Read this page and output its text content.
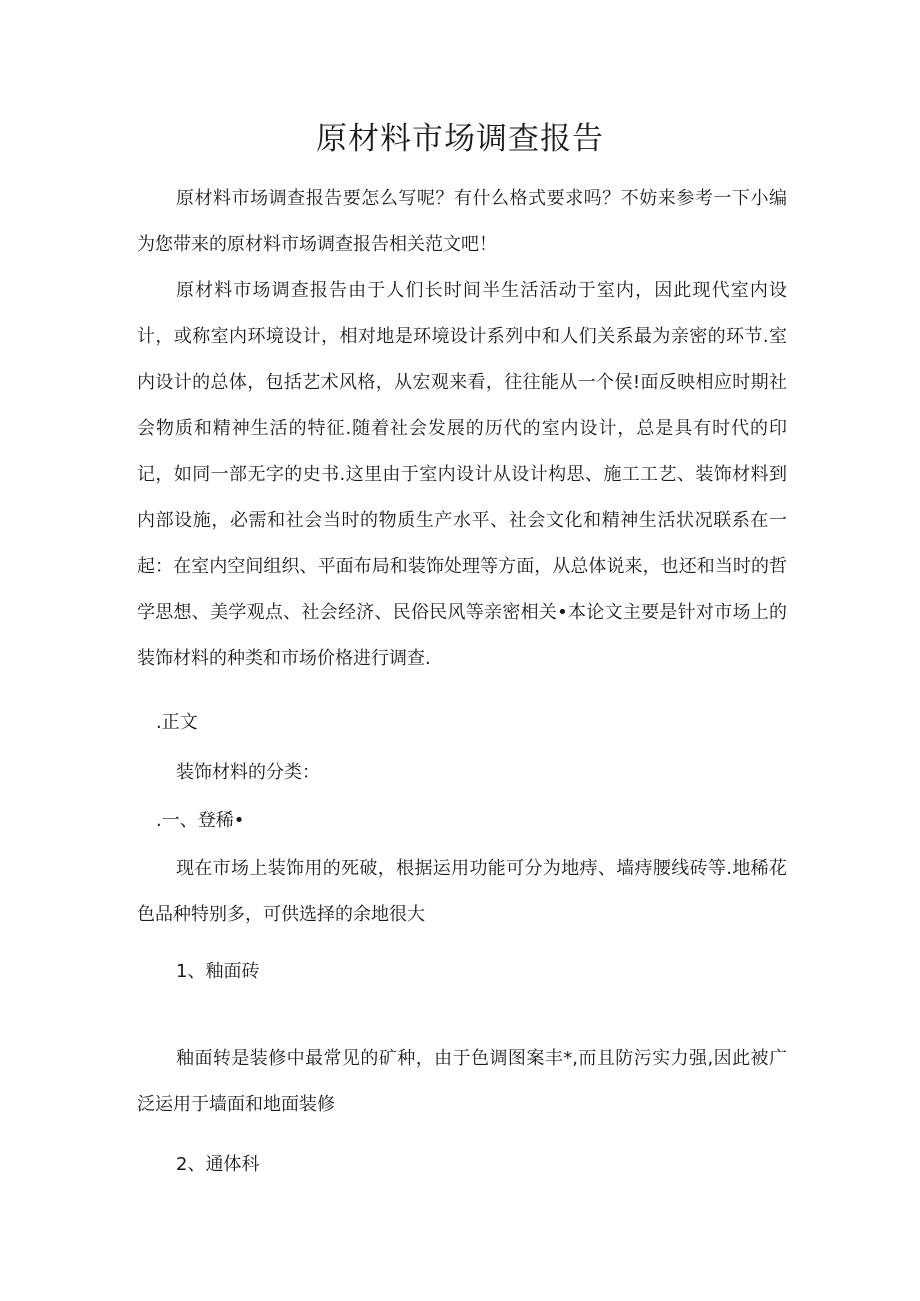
原材料市场调查报告

原材料市场调查报告要怎么写呢？有什么格式要求吗？不妨来参考一下小编为您带来的原材料市场调查报告相关范文吧！

原材料市场调查报告由于人们长时间半生活活动于室内，因此现代室内设计，或称室内环境设计，相对地是环境设计系列中和人们关系最为亲密的环节.室内设计的总体，包括艺术风格，从宏观来看，往往能从一个侯!面反映相应时期社会物质和精神生活的特征.随着社会发展的历代的室内设计，总是具有时代的印记，如同一部无字的史书.这里由于室内设计从设计构思、施工工艺、装饰材料到内部设施，必需和社会当时的物质生产水平、社会文化和精神生活状况联系在一起：在室内空间组织、平面布局和装饰处理等方面，从总体说来，也还和当时的哲学思想、美学观点、社会经济、民俗民风等亲密相关•本论文主要是针对市场上的装饰材料的种类和市场价格进行调查.

.正文

装饰材料的分类：

.一、登稀•

现在市场上装饰用的死破，根据运用功能可分为地痔、墙痔腰线砖等.地稀花色品种特别多，可供选择的余地很大

1、釉面砖

釉面转是装修中最常见的矿种，由于色调图案丰*,而且防污实力强,因此被广泛运用于墙面和地面装修

2、通体科
